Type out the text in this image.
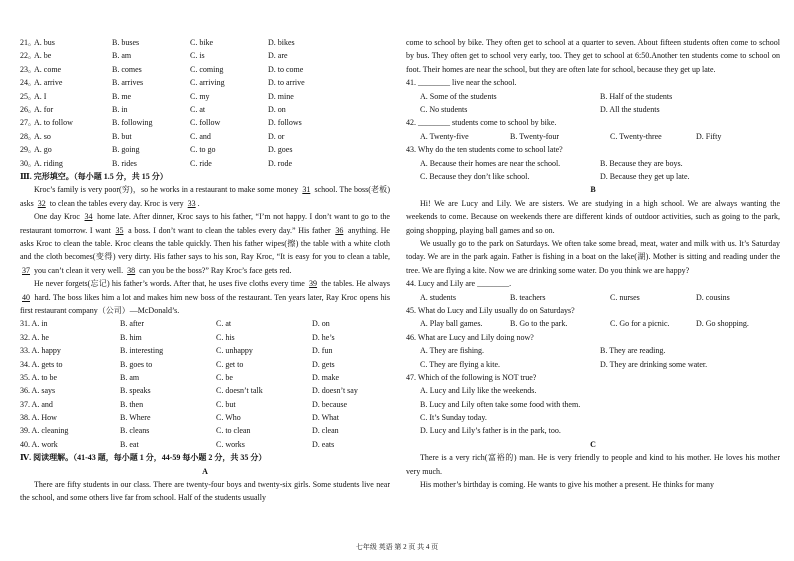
21。
A. bus	B. buses	C. bike	D. bikes
22。
A. be	B. am	C. is	D. are
23。
A. come	B. comes	C. coming	D. to come
24。
A. arrive	B. arrives	C. arriving	D. to arrive
25。
A. I	B. me	C. my	D. mine
26。
A. for	B. in	C. at	D. on
27。
A. to follow	B. following	C. follow	D. follows
28。
A. so	B. but	C. and	D. or
29。
A. go	B. going	C. to go	D. goes
30。
A. riding	B. rides	C. ride	D. rode
Ⅲ. 完形填空。（每小题 1.5 分，共 15 分）

Kroc’s family is very poor(穷)，so he works in a restaurant to make some money 31 school. The boss(老板) asks 32 to clean the tables every day. Kroc is very 33 .

One day Kroc 34 home late. After dinner, Kroc says to his father, “I’m not happy. I don’t want to go to the restaurant tomorrow. I want 35 a boss. I don’t want to clean the tables every day.” His father 36 anything. He asks Kroc to clean the table. Kroc cleans the table quickly. Then his father wipes(擦) the table with a white cloth and the cloth becomes(变得) very dirty. His father says to his son, Ray Kroc, “It is easy for you to clean a table, 37 you can’t clean it very well. 38 can you be the boss?” Ray Kroc’s face gets red.

He never forgets(忘记) his father’s words. After that, he uses five cloths every time 39 the tables. He always 40 hard. The boss likes him a lot and makes him new boss of the restaurant. Ten years later, Ray Kroc opens his first restaurant company（公司）—McDonald’s.

31. A. in	B. after	C. at	D. on
32. A. he	B. him	C. his	D. he’s
33. A. happy	B. interesting	C. unhappy	D. fun
34. A. gets to	B. goes to	C. get to	D. gets
35. A. to be	B. am	C. be	D. make
36. A. says	B. speaks	C. doesn’t talk	D. doesn’t say
37. A. and	B. then	C. but	D. because
38. A. How	B. Where	C. Who	D. What
39. A. cleaning	B. cleans	C. to clean	D. clean
40. A. work	B. eat	C. works	D. eats
Ⅳ. 阅读理解。（41-43 题，每小题 1 分，44-59 每小题 2 分，共 35 分）
A

There are fifty students in our class. There are twenty-four boys and twenty-six girls. Some students live near the school, and some others live far from school. Half of the students usually

come to school by bike. They often get to school at a quarter to seven. About fifteen students often come to school by bus. They often get to school very early, too. They get to school at 6:50.Another ten students come to school on foot. Their homes are near the school, but they are often late for school, because they get up late.

41. ________ live near the school.
A. Some of the students	B. Half of the students
C. No students	D. All the students
42. ________ students come to school by bike.
A. Twenty-five	B. Twenty-four	C. Twenty-three	D. Fifty
43. Why do the ten students come to school late?
A. Because their homes are near the school.	B. Because they are boys.
C. Because they don’t like school.	D. Because they get up late.
B

Hi! We are Lucy and Lily. We are sisters. We are studying in a high school. We are always wanting the weekends to come. Because on weekends there are different kinds of outdoor activities, such as going to the park, going shopping, playing ball games and so on.

We usually go to the park on Saturdays. We often take some bread, meat, water and milk with us. It’s Saturday today. We are in the park again. Father is fishing in a boat on the lake(湖). Mother is sitting and reading under the tree. We are flying a kite. Now we are drinking some water. Do you think we are happy?

44. Lucy and Lily are ________.
A. students	B. teachers	C. nurses	D. cousins
45. What do Lucy and Lily usually do on Saturdays?
A. Play ball games.	B. Go to the park.	C. Go for a picnic.	D. Go shopping.
46. What are Lucy and Lily doing now?
A. They are fishing.	B. They are reading.
C. They are flying a kite.	D. They are drinking some water.
47. Which of the following is NOT true?
A. Lucy and Lily like the weekends.
B. Lucy and Lily often take some food with them.
C. It’s Sunday today.
D. Lucy and Lily’s father is in the park, too.
C

There is a very rich(富裕的) man. He is very friendly to people and kind to his mother. He loves his mother very much.

His mother’s birthday is coming. He wants to give his mother a present. He thinks for many

七年级 英语 第 2 页 共 4 页
